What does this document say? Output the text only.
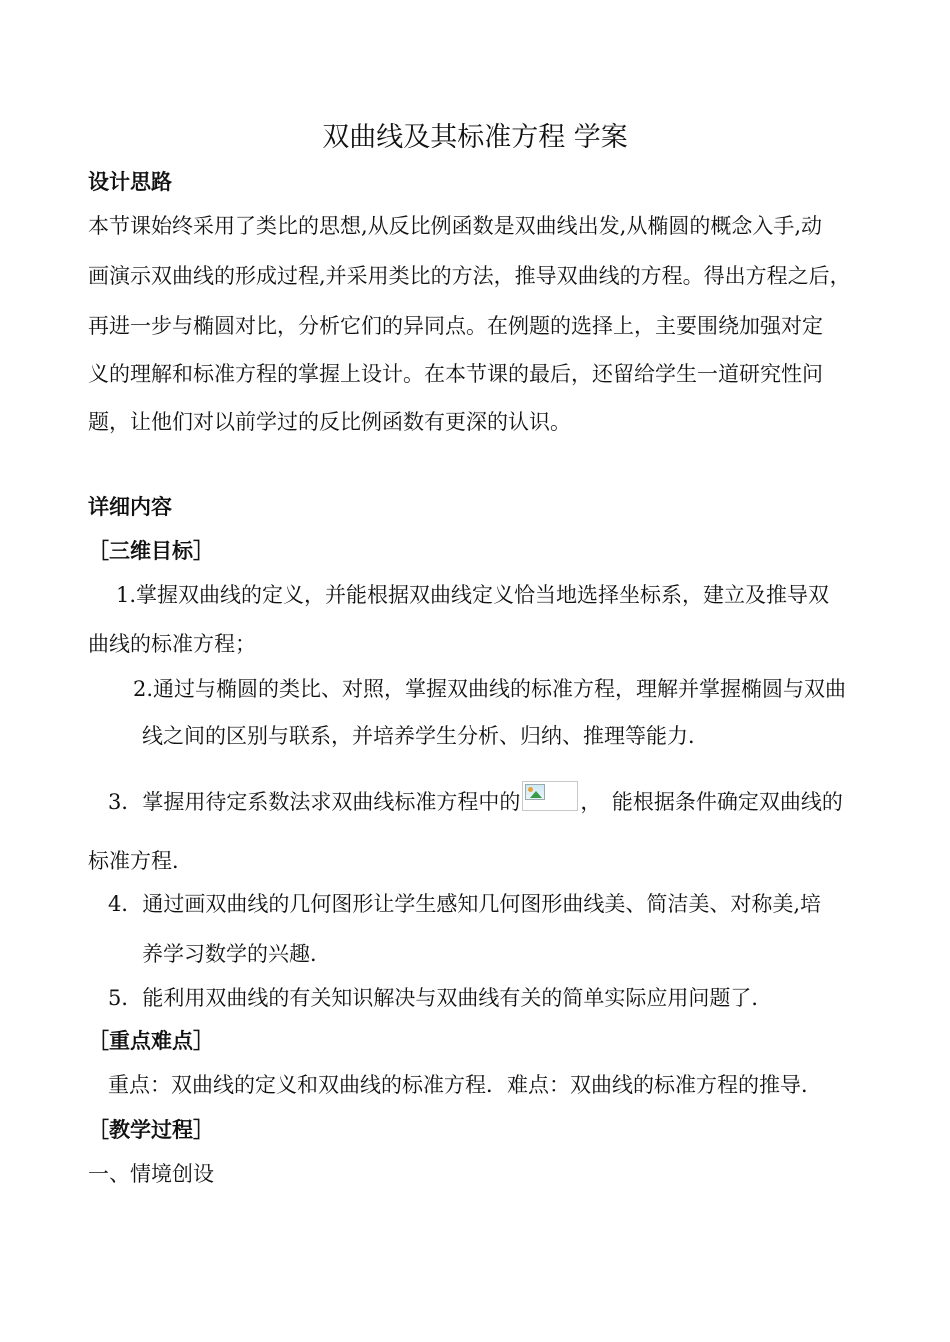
双曲线及其标准方程 学案
设计思路
本节课始终采用了类比的思想,从反比例函数是双曲线出发,从椭圆的概念入手,动
画演示双曲线的形成过程,并采用类比的方法，推导双曲线的方程。得出方程之后，
再进一步与椭圆对比，分析它们的异同点。在例题的选择上，主要围绕加强对定
义的理解和标准方程的掌握上设计。在本节课的最后，还留给学生一道研究性问
题，让他们对以前学过的反比例函数有更深的认识。
详细内容
［三维目标］
1.掌握双曲线的定义，并能根据双曲线定义恰当地选择坐标系，建立及推导双
曲线的标准方程；
2.通过与椭圆的类比、对照，掌握双曲线的标准方程，理解并掌握椭圆与双曲
线之间的区别与联系，并培养学生分析、归纳、推理等能力．
3．掌握用待定系数法求双曲线标准方程中的	，　能根据条件确定双曲线的
标准方程．
4．通过画双曲线的几何图形让学生感知几何图形曲线美、简洁美、对称美,培
养学习数学的兴趣．
5．能利用双曲线的有关知识解决与双曲线有关的简单实际应用问题了．
［重点难点］
重点：双曲线的定义和双曲线的标准方程．难点：双曲线的标准方程的推导．
［教学过程］
一、情境创设
